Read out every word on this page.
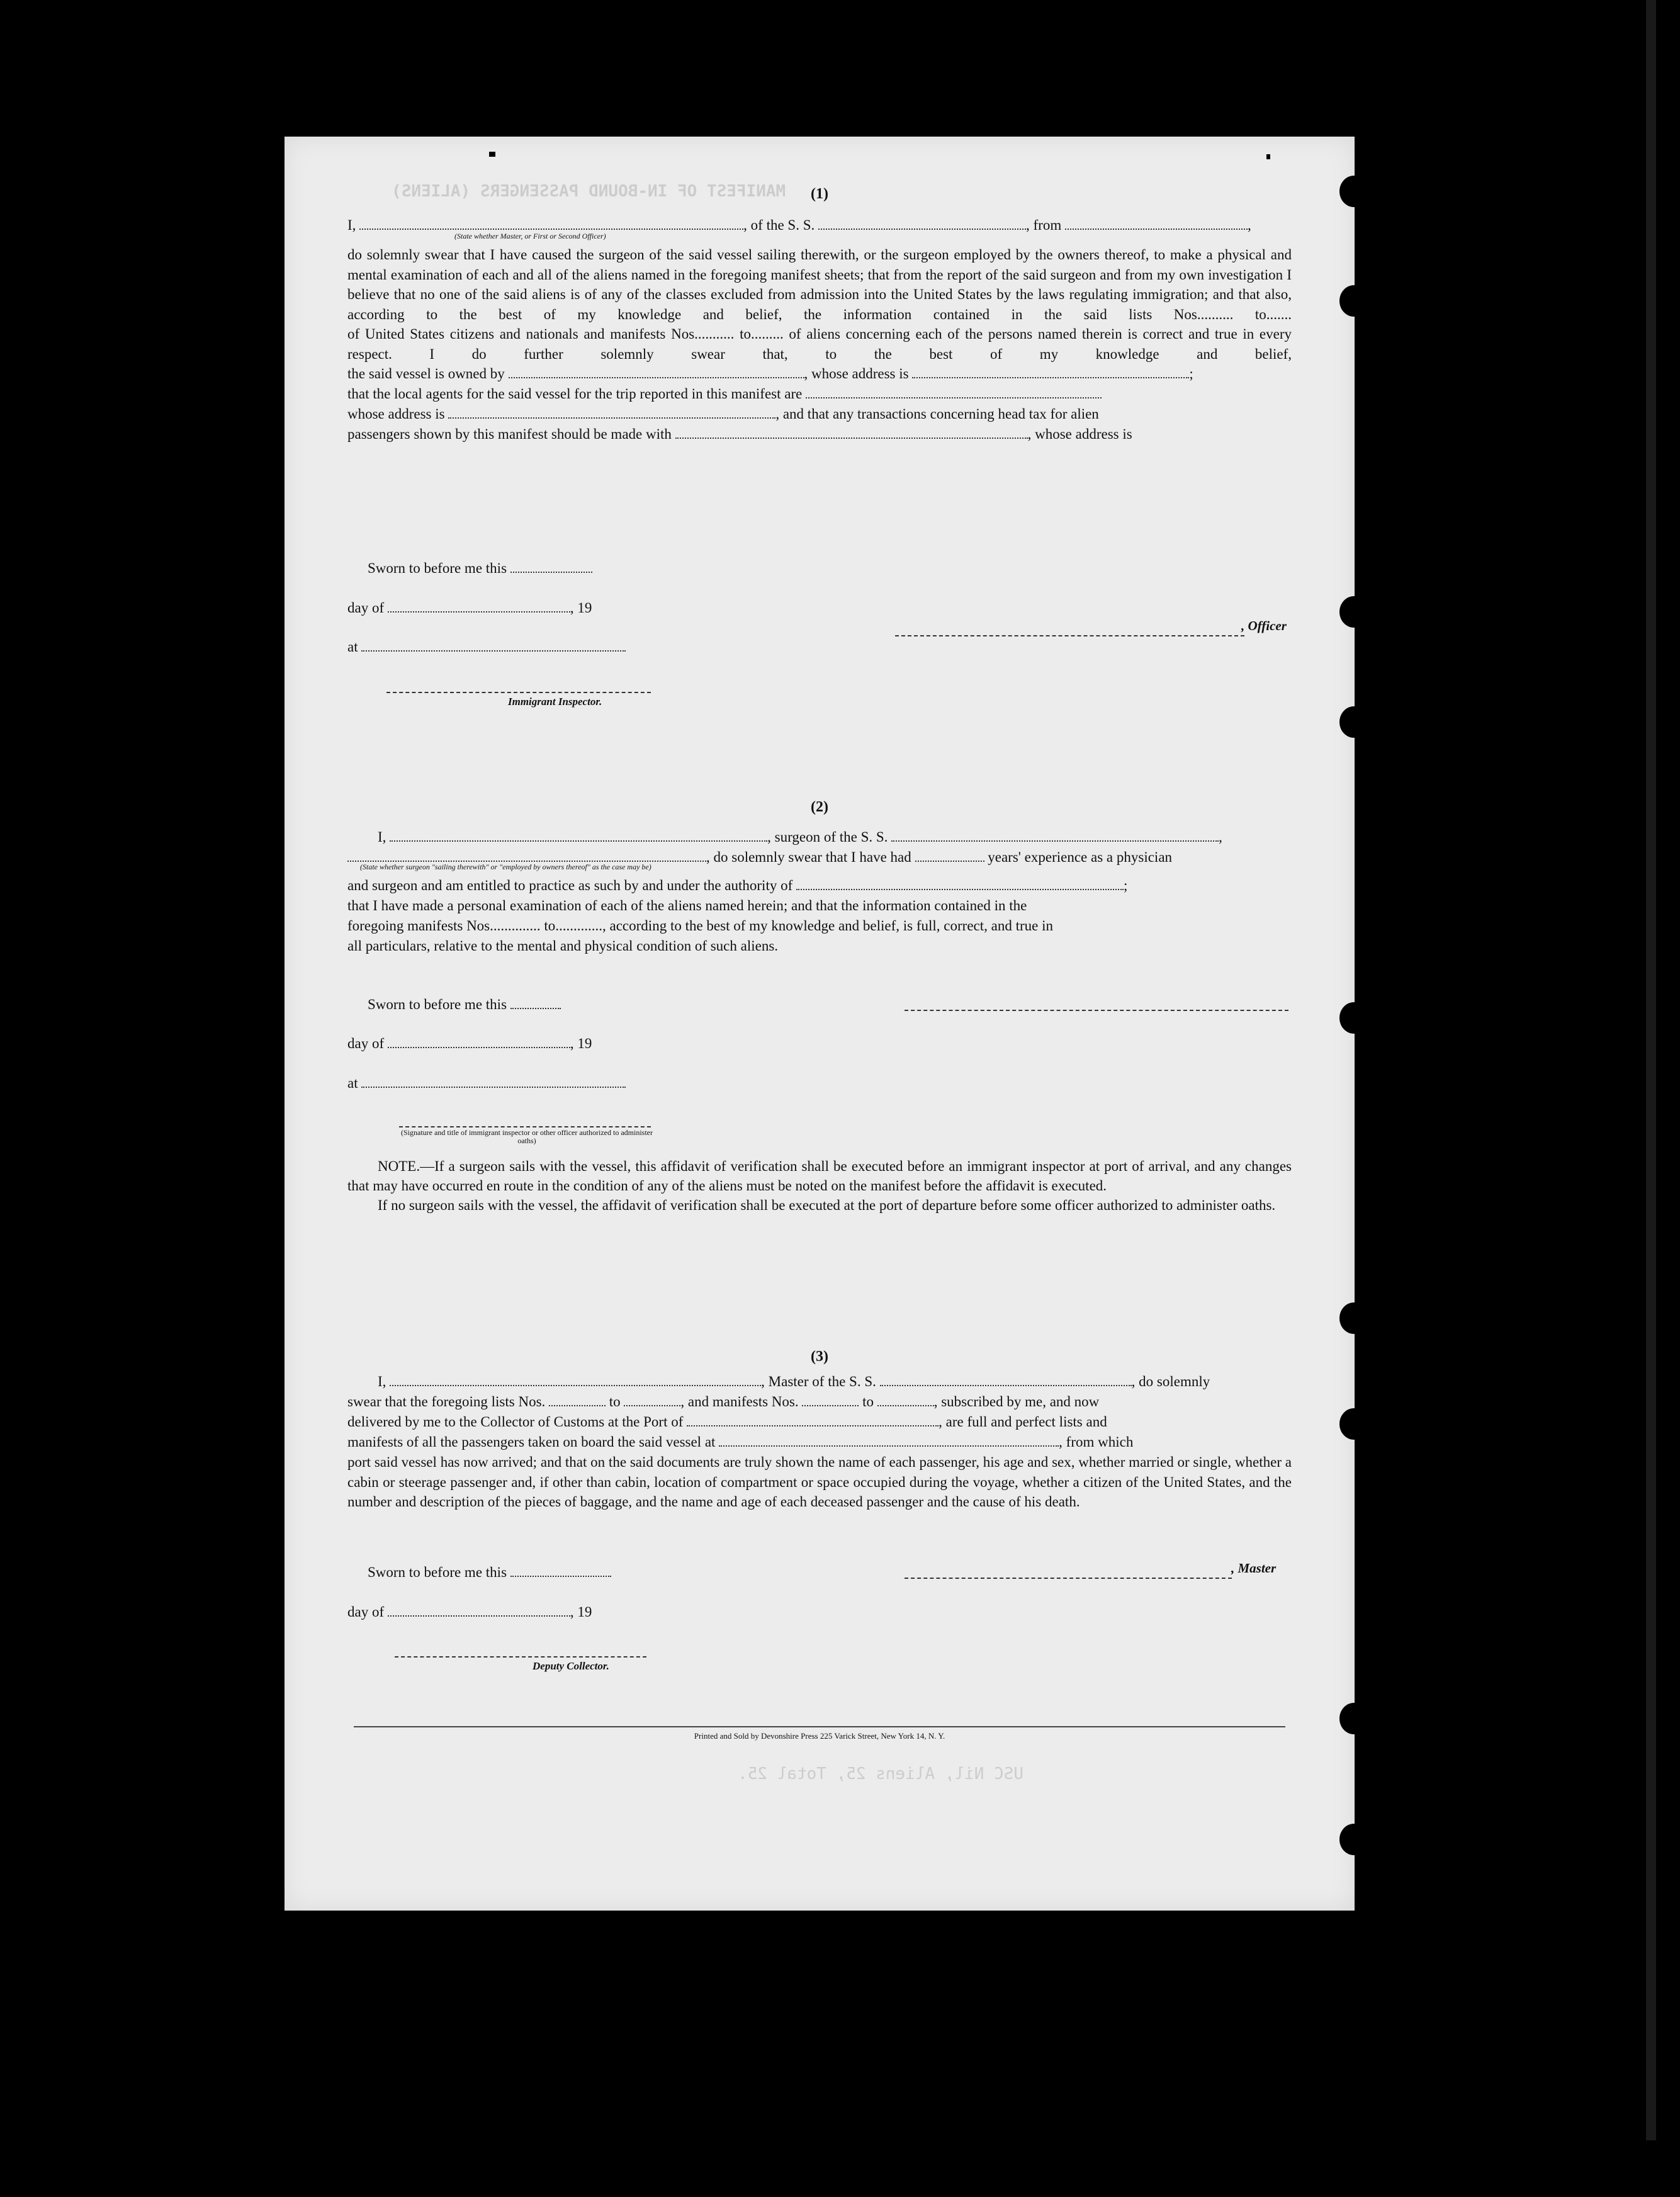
MANIFEST OF IN-BOUND PASSENGERS (ALIENS)
USC Nil, Aliens 25, Total 25.
(1)
I,	, of the S. S.	, from	,
(State whether Master, or First or Second Officer)
do solemnly swear that I have caused the surgeon of the said vessel sailing therewith, or the surgeon employed by the owners thereof, to make a physical and mental examination of each and all of the aliens named in the foregoing manifest sheets; that from the report of the said surgeon and from my own investigation I believe that no one of the said aliens is of any of the classes excluded from admission into the United States by the laws regulating immigration; and that also, according to the best of my knowledge and belief, the information contained in the said lists Nos.......... to.......
of United States citizens and nationals and manifests Nos........... to......... of aliens concerning each of the persons named therein is correct and true in every respect. I do further solemnly swear that, to the best of my knowledge and belief,
the said vessel is owned by	, whose address is	;
that the local agents for the said vessel for the trip reported in this manifest are
whose address is	, and that any transactions concerning head tax for alien
passengers shown by this manifest should be made with	, whose address is
Sworn to before me this
day of	, 19
at
Immigrant Inspector.
, Officer
(2)
I,	, surgeon of the S. S.	,
, do solemnly swear that I have had	years' experience as a physician
(State whether surgeon "sailing therewith" or "employed by owners thereof" as the case may be)
and surgeon and am entitled to practice as such by and under the authority of	;
that I have made a personal examination of each of the aliens named herein; and that the information contained in the
foregoing manifests Nos.............. to............., according to the best of my knowledge and belief, is full, correct, and true in
all particulars, relative to the mental and physical condition of such aliens.
Sworn to before me this
day of	, 19
at
(Signature and title of immigrant inspector or other officer authorized to administer oaths)
NOTE.—If a surgeon sails with the vessel, this affidavit of verification shall be executed before an immigrant inspector at port of arrival, and any changes that may have occurred en route in the condition of any of the aliens must be noted on the manifest before the affidavit is executed.
If no surgeon sails with the vessel, the affidavit of verification shall be executed at the port of departure before some officer authorized to administer oaths.
(3)
I,	, Master of the S. S.	, do solemnly
swear that the foregoing lists Nos.	to	, and manifests Nos.	to	, subscribed by me, and now
delivered by me to the Collector of Customs at the Port of	, are full and perfect lists and
manifests of all the passengers taken on board the said vessel at	, from which
port said vessel has now arrived; and that on the said documents are truly shown the name of each passenger, his age and sex, whether married or single, whether a cabin or steerage passenger and, if other than cabin, location of compartment or space occupied during the voyage, whether a citizen of the United States, and the number and description of the pieces of baggage, and the name and age of each deceased passenger and the cause of his death.
Sworn to before me this
day of	, 19
Deputy Collector.
, Master
Printed and Sold by Devonshire Press 225 Varick Street, New York 14, N. Y.
